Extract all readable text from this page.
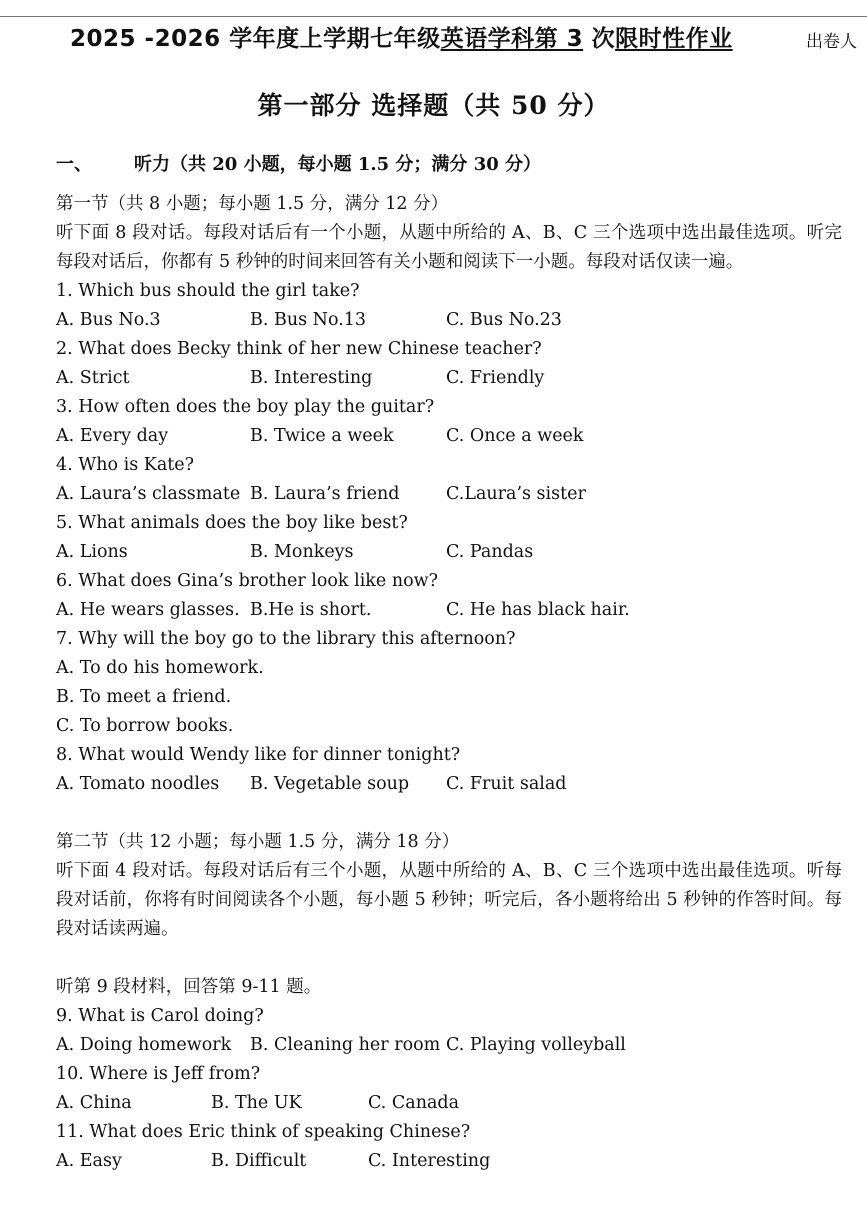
2025 -2026 学年度上学期七年级英语学科第 3 次限时性作业	出卷人
第一部分 选择题（共 50 分）
一、 听力（共 20 小题，每小题 1.5 分；满分 30 分）
第一节（共 8 小题；每小题 1.5 分，满分 12 分）
听下面 8 段对话。每段对话后有一个小题，从题中所给的 A、B、C 三个选项中选出最佳选项。听完每段对话后，你都有 5 秒钟的时间来回答有关小题和阅读下一小题。每段对话仅读一遍。
1. Which bus should the girl take?
A. Bus No.3	B. Bus No.13	C. Bus No.23
2. What does Becky think of her new Chinese teacher?
A. Strict	B. Interesting	C. Friendly
3. How often does the boy play the guitar?
A. Every day	B. Twice a week	C. Once a week
4. Who is Kate?
A. Laura’s classmate B. Laura’s friend	C.Laura’s sister
5. What animals does the boy like best?
A. Lions	B. Monkeys	C. Pandas
6. What does Gina’s brother look like now?
A. He wears glasses. B.He is short.	C. He has black hair.
7. Why will the boy go to the library this afternoon?
A. To do his homework.
B. To meet a friend.
C. To borrow books.
8. What would Wendy like for dinner tonight?
A. Tomato noodles B. Vegetable soup C. Fruit salad
第二节（共 12 小题；每小题 1.5 分，满分 18 分）
听下面 4 段对话。每段对话后有三个小题，从题中所给的 A、B、C 三个选项中选出最佳选项。听每段对话前，你将有时间阅读各个小题，每小题 5 秒钟；听完后，各小题将给出 5 秒钟的作答时间。每段对话读两遍。
听第 9 段材料，回答第 9-11 题。
9. What is Carol doing?
A. Doing homework B. Cleaning her room C. Playing volleyball
10. Where is Jeff from?
A. China	B. The UK	C. Canada
11. What does Eric think of speaking Chinese?
A. Easy	B. Difficult	C. Interesting
